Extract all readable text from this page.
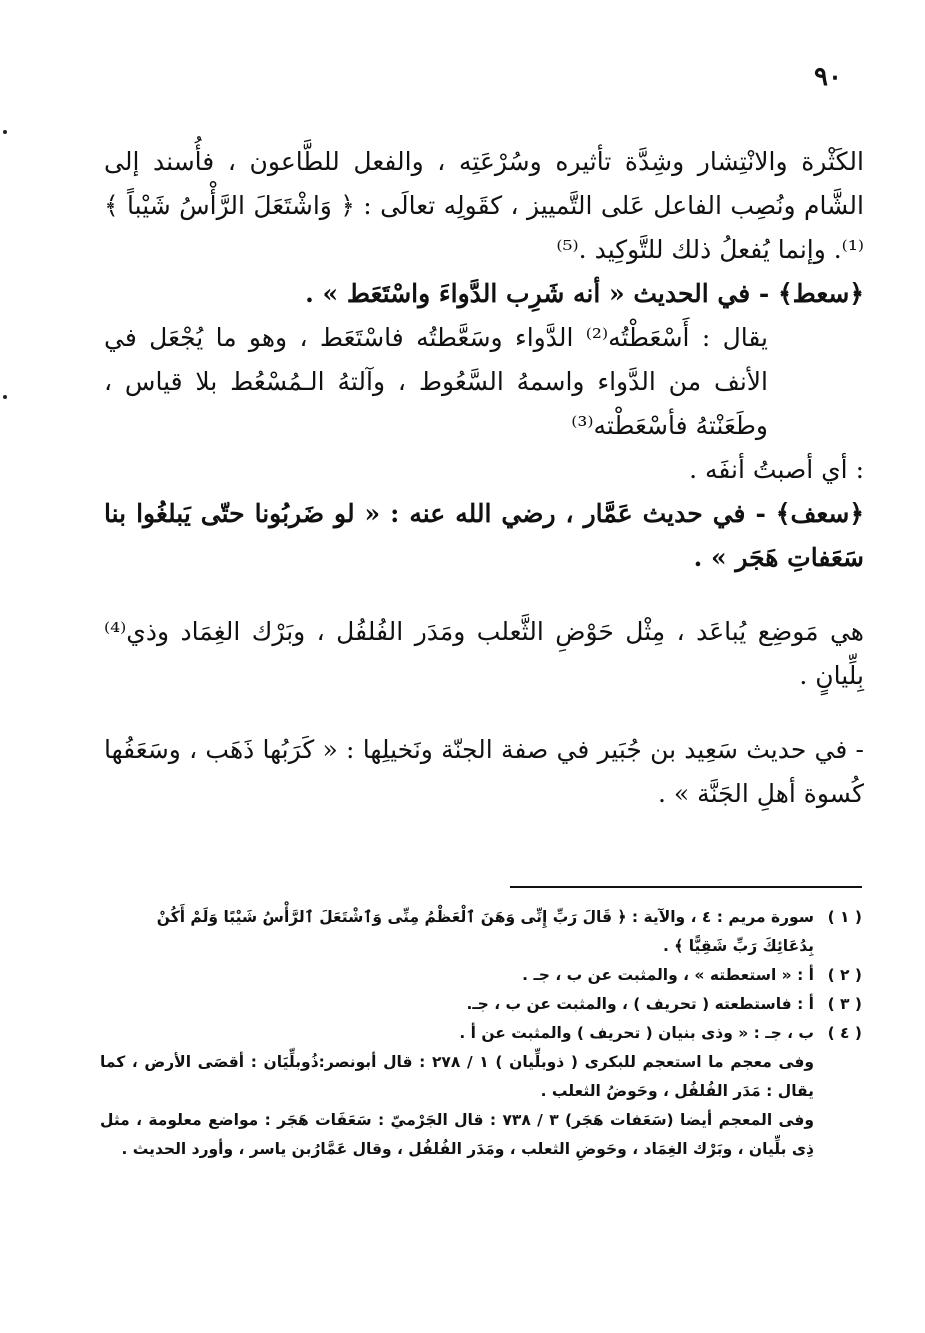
٩٠

الكَثْرة والانْتِشار وشِدَّة تأثيره وسُرْعَتِه ، والفعل للطَّاعون ، فأُسند إلى الشَّام ونُصِب الفاعل عَلى التَّمييز ، كقَولِه تعالَى : ﴿ وَاشْتَعَلَ الرَّأْسُ شَيْباً ﴾⁽¹⁾. وإنما يُفعلُ ذلك للتَّوكِيد .⁽⁵⁾

﴿سعط﴾ - في الحديث « أنه شَرِب الدَّواءَ واسْتَعَط » .

يقال : أَسْعَطْتُه⁽²⁾ الدَّواء وسَعَّطتُه فاسْتَعَط ، وهو ما يُجْعَل في الأنف من الدَّواء واسمهُ السَّعُوط ، وآلتهُ الـمُسْعُط بلا قياس ، وطَعَنْتهُ فأسْعَطْته⁽³⁾

: أي أصبتُ أنفَه .

﴿سعف﴾ - في حديث عَمَّار ، رضي الله عنه : « لو ضَربُونا حتّى يَبلغُوا بنا سَعَفاتِ هَجَر » .

هي مَوضِع يُباعَد ، مِثْل حَوْضِ الثَّعلب ومَدَر الفُلفُل ، وبَرْك الغِمَاد وذي⁽⁴⁾ بِلِّيانٍ .

- في حديث سَعِيد بن جُبَير في صفة الجنّة ونَخيلِها : « كَرَبُها ذَهَب ، وسَعَفُها كُسوة أهلِ الجَنَّة » .

( ١ )سورة مريم : ٤ ، والآية : ﴿ قَالَ رَبِّ إِنِّى وَهَنَ ٱلْعَظْمُ مِنِّى وَٱشْتَعَلَ ٱلرَّأْسُ شَيْبًا وَلَمْ أَكُنْ

بِدُعَائِكَ رَبِّ شَقِيًّا ﴾ .

( ٢ )أ : « استعطته » ، والمثبت عن ب ، جـ .

( ٣ )أ : فاستطعته ( تحريف ) ، والمثبت عن ب ، جـ.

( ٤ )ب ، جـ : « وذى بنيان ( تحريف ) والمثبت عن أ .

وفى معجم ما استعجم للبكرى ( ذوبلِّيان ) ١ / ٢٧٨ : قال أبونصر:ذُوبلِّيَان : أقصَى الأرض ، كما يقال : مَدَر الفُلفُل ، وحَوضُ الثعلب .

وفى المعجم أيضا (سَعَفات هَجَر) ٣ / ٧٣٨ : قال الجَرْميّ : سَعَفَات هَجَر : مواضع معلومة ، مثل ذِى بلِّيان ، وبَرْك الغِمَاد ، وحَوضِ الثعلب ، ومَدَر الفُلفُل ، وقال عَمَّارُبن ياسر ، وأورد الحديث .
